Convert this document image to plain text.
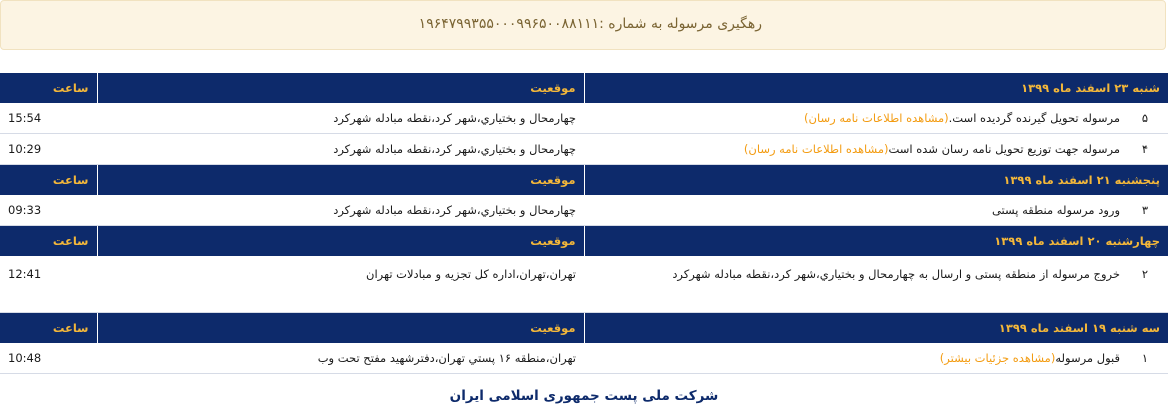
رهگیری مرسوله به شماره :۱۹۶۴۷۹۹۳۵۵۰۰۰۹۹۶۵۰۰۸۸۱۱۱
شنبه ۲۳ اسفند ماه ۱۳۹۹	موقعیت	ساعت
۵مرسوله تحویل گیرنده گردیده است.(مشاهده اطلاعات نامه رسان)	چهارمحال و بختیاري،شهر کرد،نقطه مبادله شهرکرد	15:54
۴مرسوله جهت توزیع تحویل نامه رسان شده است(مشاهده اطلاعات نامه رسان)	چهارمحال و بختیاري،شهر کرد،نقطه مبادله شهرکرد	10:29
پنجشنبه ۲۱ اسفند ماه ۱۳۹۹	موقعیت	ساعت
۳ورود مرسوله منطقه پستی	چهارمحال و بختیاري،شهر کرد،نقطه مبادله شهرکرد	09:33
چهارشنبه ۲۰ اسفند ماه ۱۳۹۹	موقعیت	ساعت
۲خروج مرسوله از منطقه پستی و ارسال به چهارمحال و بختیاري،شهر کرد،نقطه مبادله شهرکرد	تهران،تهران،اداره کل تجزیه و مبادلات تهران	12:41
سه شنبه ۱۹ اسفند ماه ۱۳۹۹	موقعیت	ساعت
۱قبول مرسوله(مشاهده جزئیات بیشتر)	تهران،منطقه ۱۶ پستي تهران،دفترشهید مفتح تحت وب	10:48
شرکت ملی پست جمهوری اسلامی ایران
